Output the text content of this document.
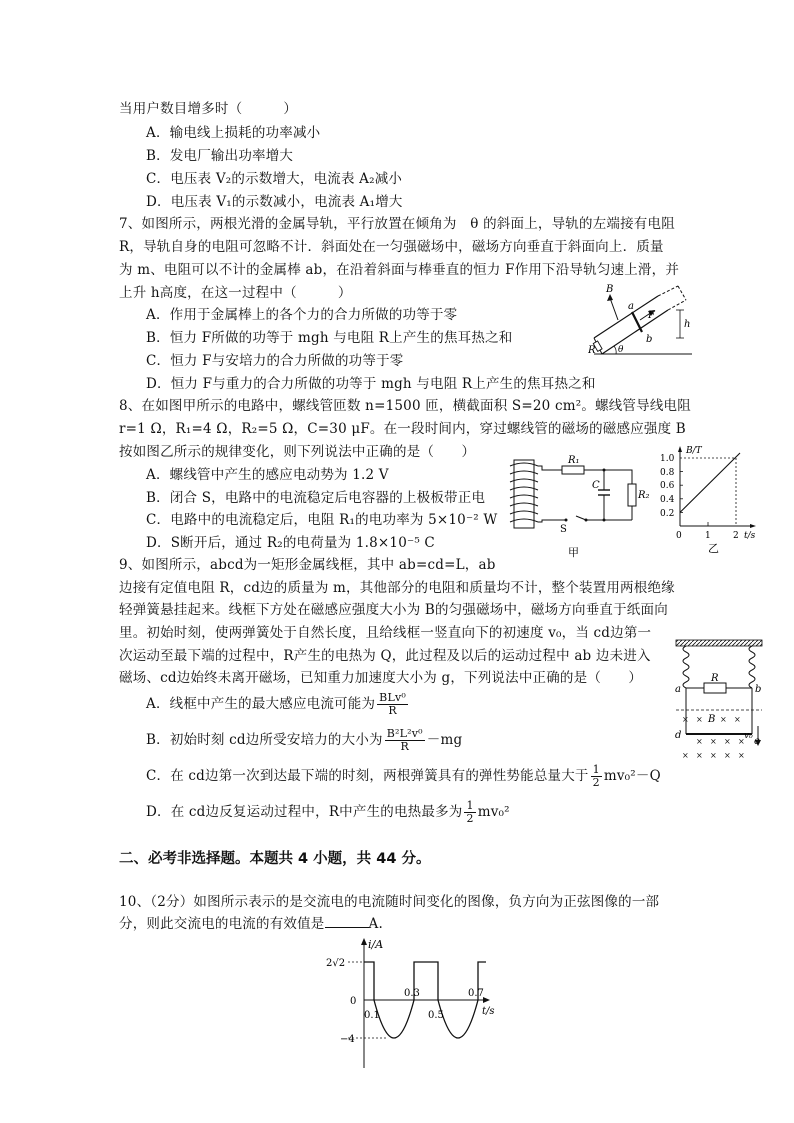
当用户数目增多时（　　　）
A．输电线上损耗的功率减小
B．发电厂输出功率增大
C．电压表 V₂的示数增大，电流表 A₂减小
D．电压表 V₁的示数减小，电流表 A₁增大
7、如图所示，两根光滑的金属导轨，平行放置在倾角为　θ 的斜面上，导轨的左端接有电阻
R，导轨自身的电阻可忽略不计．斜面处在一匀强磁场中，磁场方向垂直于斜面向上．质量
为 m、电阻可以不计的金属棒 ab，在沿着斜面与棒垂直的恒力 F作用下沿导轨匀速上滑，并
上升 h高度，在这一过程中（　　　）
A．作用于金属棒上的各个力的合力所做的功等于零
B．恒力 F所做的功等于 mgh 与电阻 R上产生的焦耳热之和
C．恒力 F与安培力的合力所做的功等于零
D．恒力 F与重力的合力所做的功等于 mgh 与电阻 R上产生的焦耳热之和
B
a
F
h
b
R θ
8、在如图甲所示的电路中，螺线管匝数 n=1500 匝，横截面积 S=20 cm²。螺线管导线电阻
r=1 Ω，R₁=4 Ω，R₂=5 Ω，C=30 μF。在一段时间内，穿过螺线管的磁场的磁感应强度 B
按如图乙所示的规律变化，则下列说法中正确的是（　　）
A．螺线管中产生的感应电动势为 1.2 V
B．闭合 S，电路中的电流稳定后电容器的上极板带正电
C．电路中的电流稳定后，电阻 R₁的电功率为 5×10⁻² W
D．S断开后，通过 R₂的电荷量为 1.8×10⁻⁵ C
R₁
C
R₂
S
甲
B/T
1.0
0.8
0.6
0.4
0.2
0	1 2 t/s
乙
9、如图所示，abcd为一矩形金属线框，其中 ab=cd=L，ab
边接有定值电阻 R，cd边的质量为 m，其他部分的电阻和质量均不计，整个装置用两根绝缘
轻弹簧悬挂起来。线框下方处在磁感应强度大小为 B的匀强磁场中，磁场方向垂直于纸面向
里。初始时刻，使两弹簧处于自然长度，且给线框一竖直向下的初速度 v₀，当 cd边第一
次运动至最下端的过程中，R产生的电热为 Q，此过程及以后的运动过程中 ab 边未进入
磁场、cd边始终未离开磁场，已知重力加速度大小为 g，下列说法中正确的是（　　）
A．线框中产生的最大感应电流可能为 $\frac{\text{BLv⁰}}{R}$
B．初始时刻 cd边所受安培力的大小为 $\frac{\text{B²L²v⁰}}{R} -mg$
C．在 cd边第一次到达最下端的时刻，两根弹簧具有的弹性势能总量大于 $\frac{1}{2} mv_0^2-Q$
D．在 cd边反复运动过程中，R中产生的电热最多为 $\frac{1}{2} mv_0^2$
× × × ×
× × × ×
× × × × ×
a	b
R
B
d
c
v₀
二、必考非选择题。本题共 4 小题，共 44 分。
10、（2分）如图所示表示的是交流电的电流随时间变化的图像，负方向为正弦图像的一部
分，则此交流电的电流的有效值是	A.
i/A
2√2
0
−4
0.1
0.3
0.5
0.7
t/s
